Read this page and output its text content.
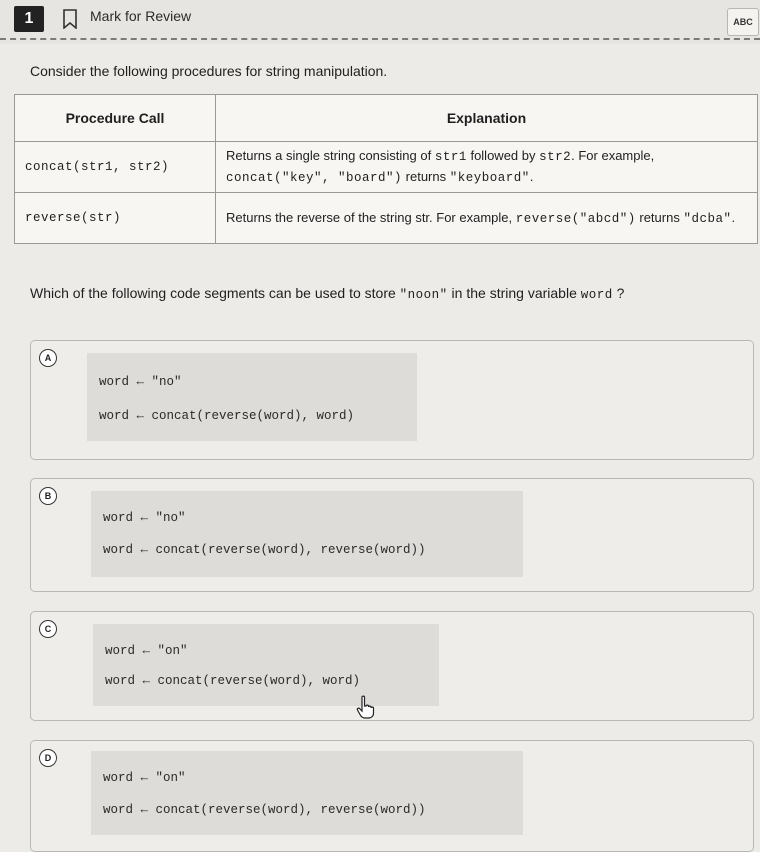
1	Mark for Review	ABC
Consider the following procedures for string manipulation.
Procedure Call	Explanation
concat(str1, str2)	Returns a single string consisting of str1 followed by str2. For example, concat("key", "board") returns "keyboard".
reverse(str)	Returns the reverse of the string str. For example, reverse("abcd") returns "dcba".
Which of the following code segments can be used to store "noon" in the string variable word ?
A
word ← "no"
word ← concat(reverse(word), word)
B
word ← "no"
word ← concat(reverse(word), reverse(word))
C
word ← "on"
word ← concat(reverse(word), word)
D
word ← "on"
word ← concat(reverse(word), reverse(word))
